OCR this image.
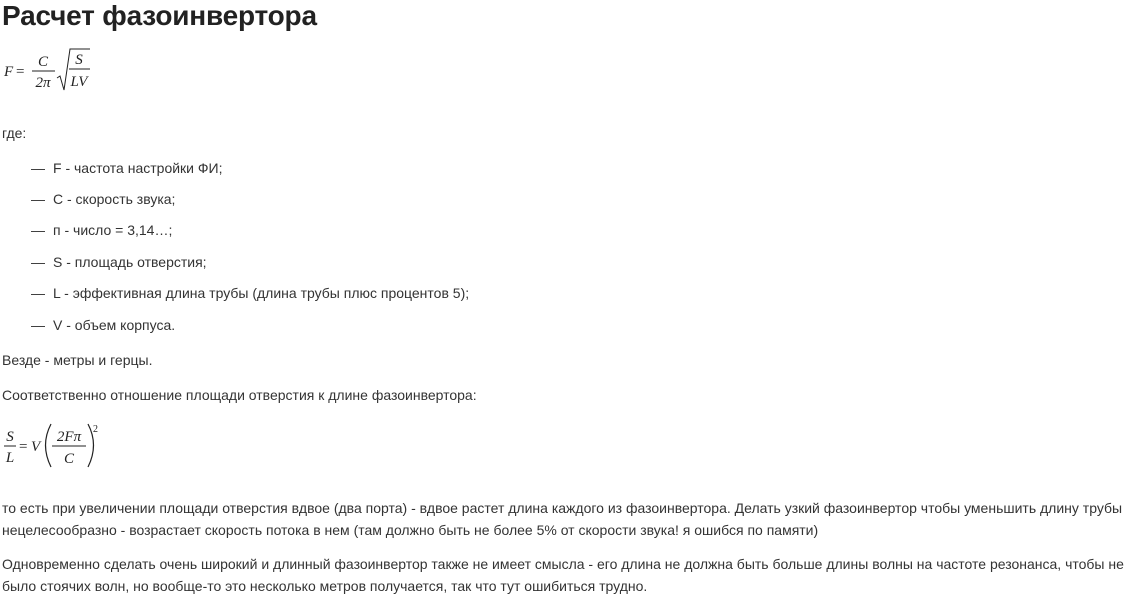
Расчет фазоинвертора
F =
C
2π
S
LV
где:
— F - частота настройки ФИ;
— C - скорость звука;
— п - число = 3,14…;
— S - площадь отверстия;
— L - эффективная длина трубы (длина трубы плюс процентов 5);
— V - объем корпуса.
Везде - метры и герцы.
Соответственно отношение площади отверстия к длине фазоинвертора:
S
L
= V
2Fπ
C
2
то есть при увеличении площади отверстия вдвое (два порта) - вдвое растет длина каждого из фазоинвертора. Делать узкий фазоинвертор чтобы уменьшить длину трубы нецелесообразно - возрастает скорость потока в нем (там должно быть не более 5% от скорости звука! я ошибся по памяти)
Одновременно сделать очень широкий и длинный фазоинвертор также не имеет смысла - его длина не должна быть больше длины волны на частоте резонанса, чтобы не было стоячих волн, но вообще-то это несколько метров получается, так что тут ошибиться трудно.
